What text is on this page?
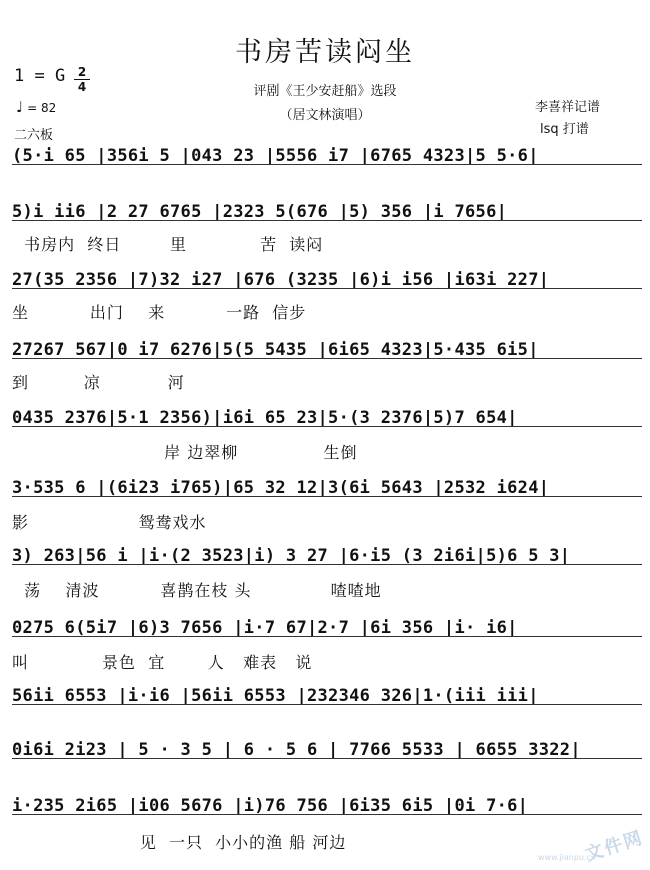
书房苦读闷坐
评剧《王少安赶船》选段
（居文林演唱）
1 = G	2
4
♩ = 82
二六板
李喜祥记谱
lsq 打谱
(5·i 65 |356i 5 |043 23 |5556 i7 |6765 4323|5 5·6|
5)i ii6 |2 27 6765 |2323 5(676 |5) 356 |i 7656|
书房内  终日        里            苦  读闷
27(35 2356 |7)32 i27 |676 (3235 |6)i i56 |i63i 227|
坐          出门    来          一路  信步
27267 567|0 i7 6276|5(5 5435 |6i65 4323|5·435 6i5|
到         凉           河
0435 2376|5·1 2356)|i6i 65 23|5·(3 2376|5)7 654|
岸 边翠柳              生倒
3·535 6 |(6i23 i765)|65 32 12|3(6i 5643 |2532 i624|
影                  鸳鸯戏水
3) 263|56 i |i·(2 3523|i) 3 27 |6·i5 (3 2i6i|5)6 5 3|
荡    清波          喜鹊在枝 头             喳喳地
0275 6(5i7 |6)3 7656 |i·7 67|2·7 |6i 356 |i· i6|
叫            景色  宜       人   难表   说
56ii 6553 |i·i6 |56ii 6553 |232346 326|1·(iii iii|
0i6i 2i23 | 5 · 3 5 | 6 · 5 6 | 7766 5533 | 6655 3322|
i·235 2i65 |i06 5676 |i)76 756 |6i35 6i5 |0i 7·6|
见  一只  小小的渔 船 河边	文件网
www.jianpu.cn
